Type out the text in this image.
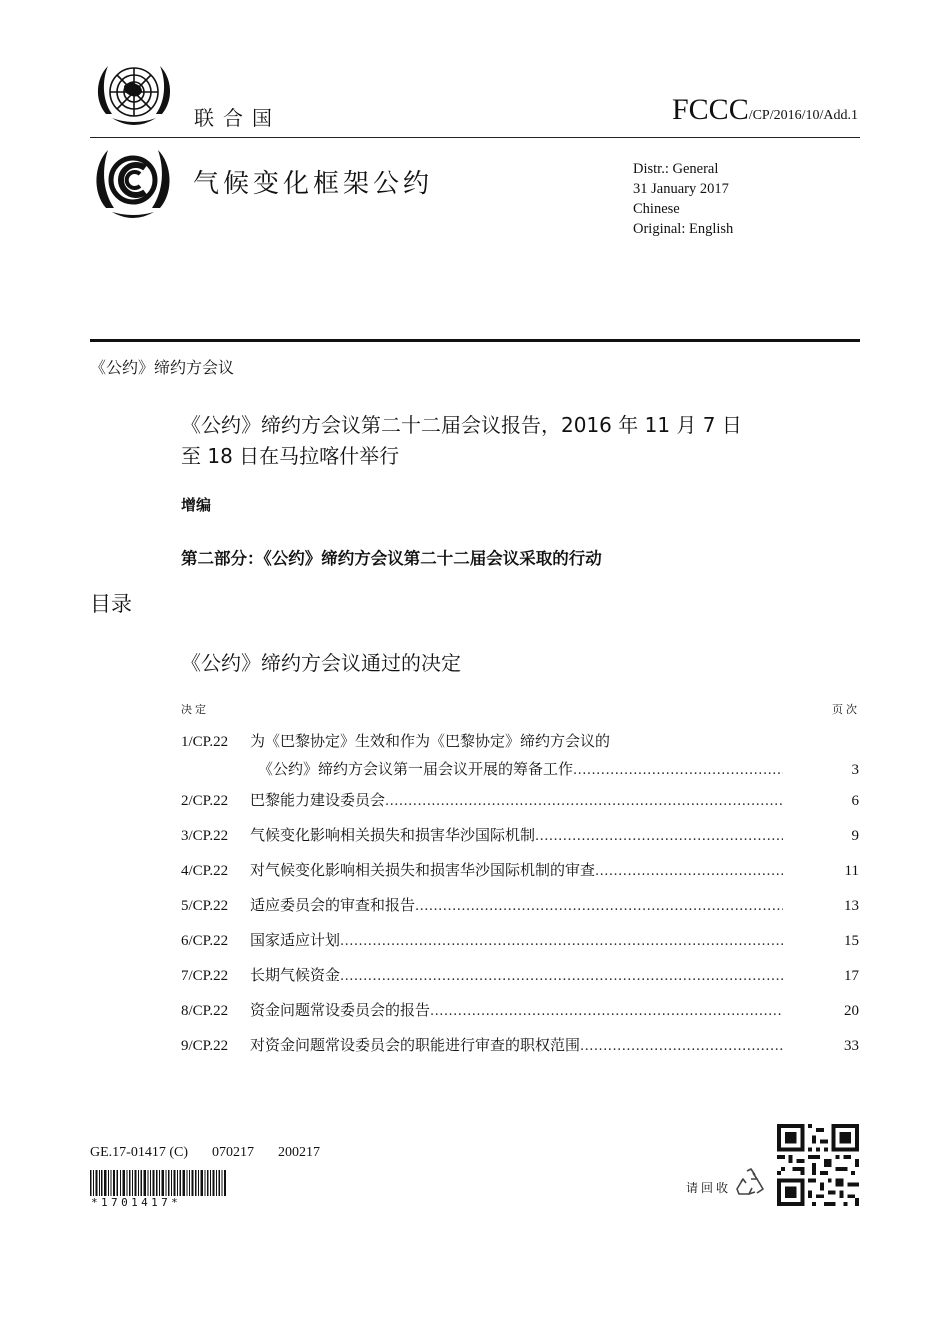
联合国	FCCC/CP/2016/10/Add.1
气候变化框架公约	Distr.: General
31 January 2017
Chinese
Original: English
《公约》缔约方会议
《公约》缔约方会议第二十二届会议报告，2016 年 11 月 7 日
至 18 日在马拉喀什举行
增编
第二部分：《公约》缔约方会议第二十二届会议采取的行动
目录
《公约》缔约方会议通过的决定
决定	页次
1/CP.22	为《巴黎协定》生效和作为《巴黎协定》缔约方会议的
《公约》缔约方会议第一届会议开展的筹备工作 .....	3
2/CP.22	巴黎能力建设委员会 .....	6
3/CP.22	气候变化影响相关损失和损害华沙国际机制 .....	9
4/CP.22	对气候变化影响相关损失和损害华沙国际机制的审查 .....	11
5/CP.22	适应委员会的审查和报告 .....	13
6/CP.22	国家适应计划 .....	15
7/CP.22	长期气候资金 .....	17
8/CP.22	资金问题常设委员会的报告 .....	20
9/CP.22	对资金问题常设委员会的职能进行审查的职权范围 .....	33
GE.17-01417 (C) 070217 200217
*1701417*
请回收
